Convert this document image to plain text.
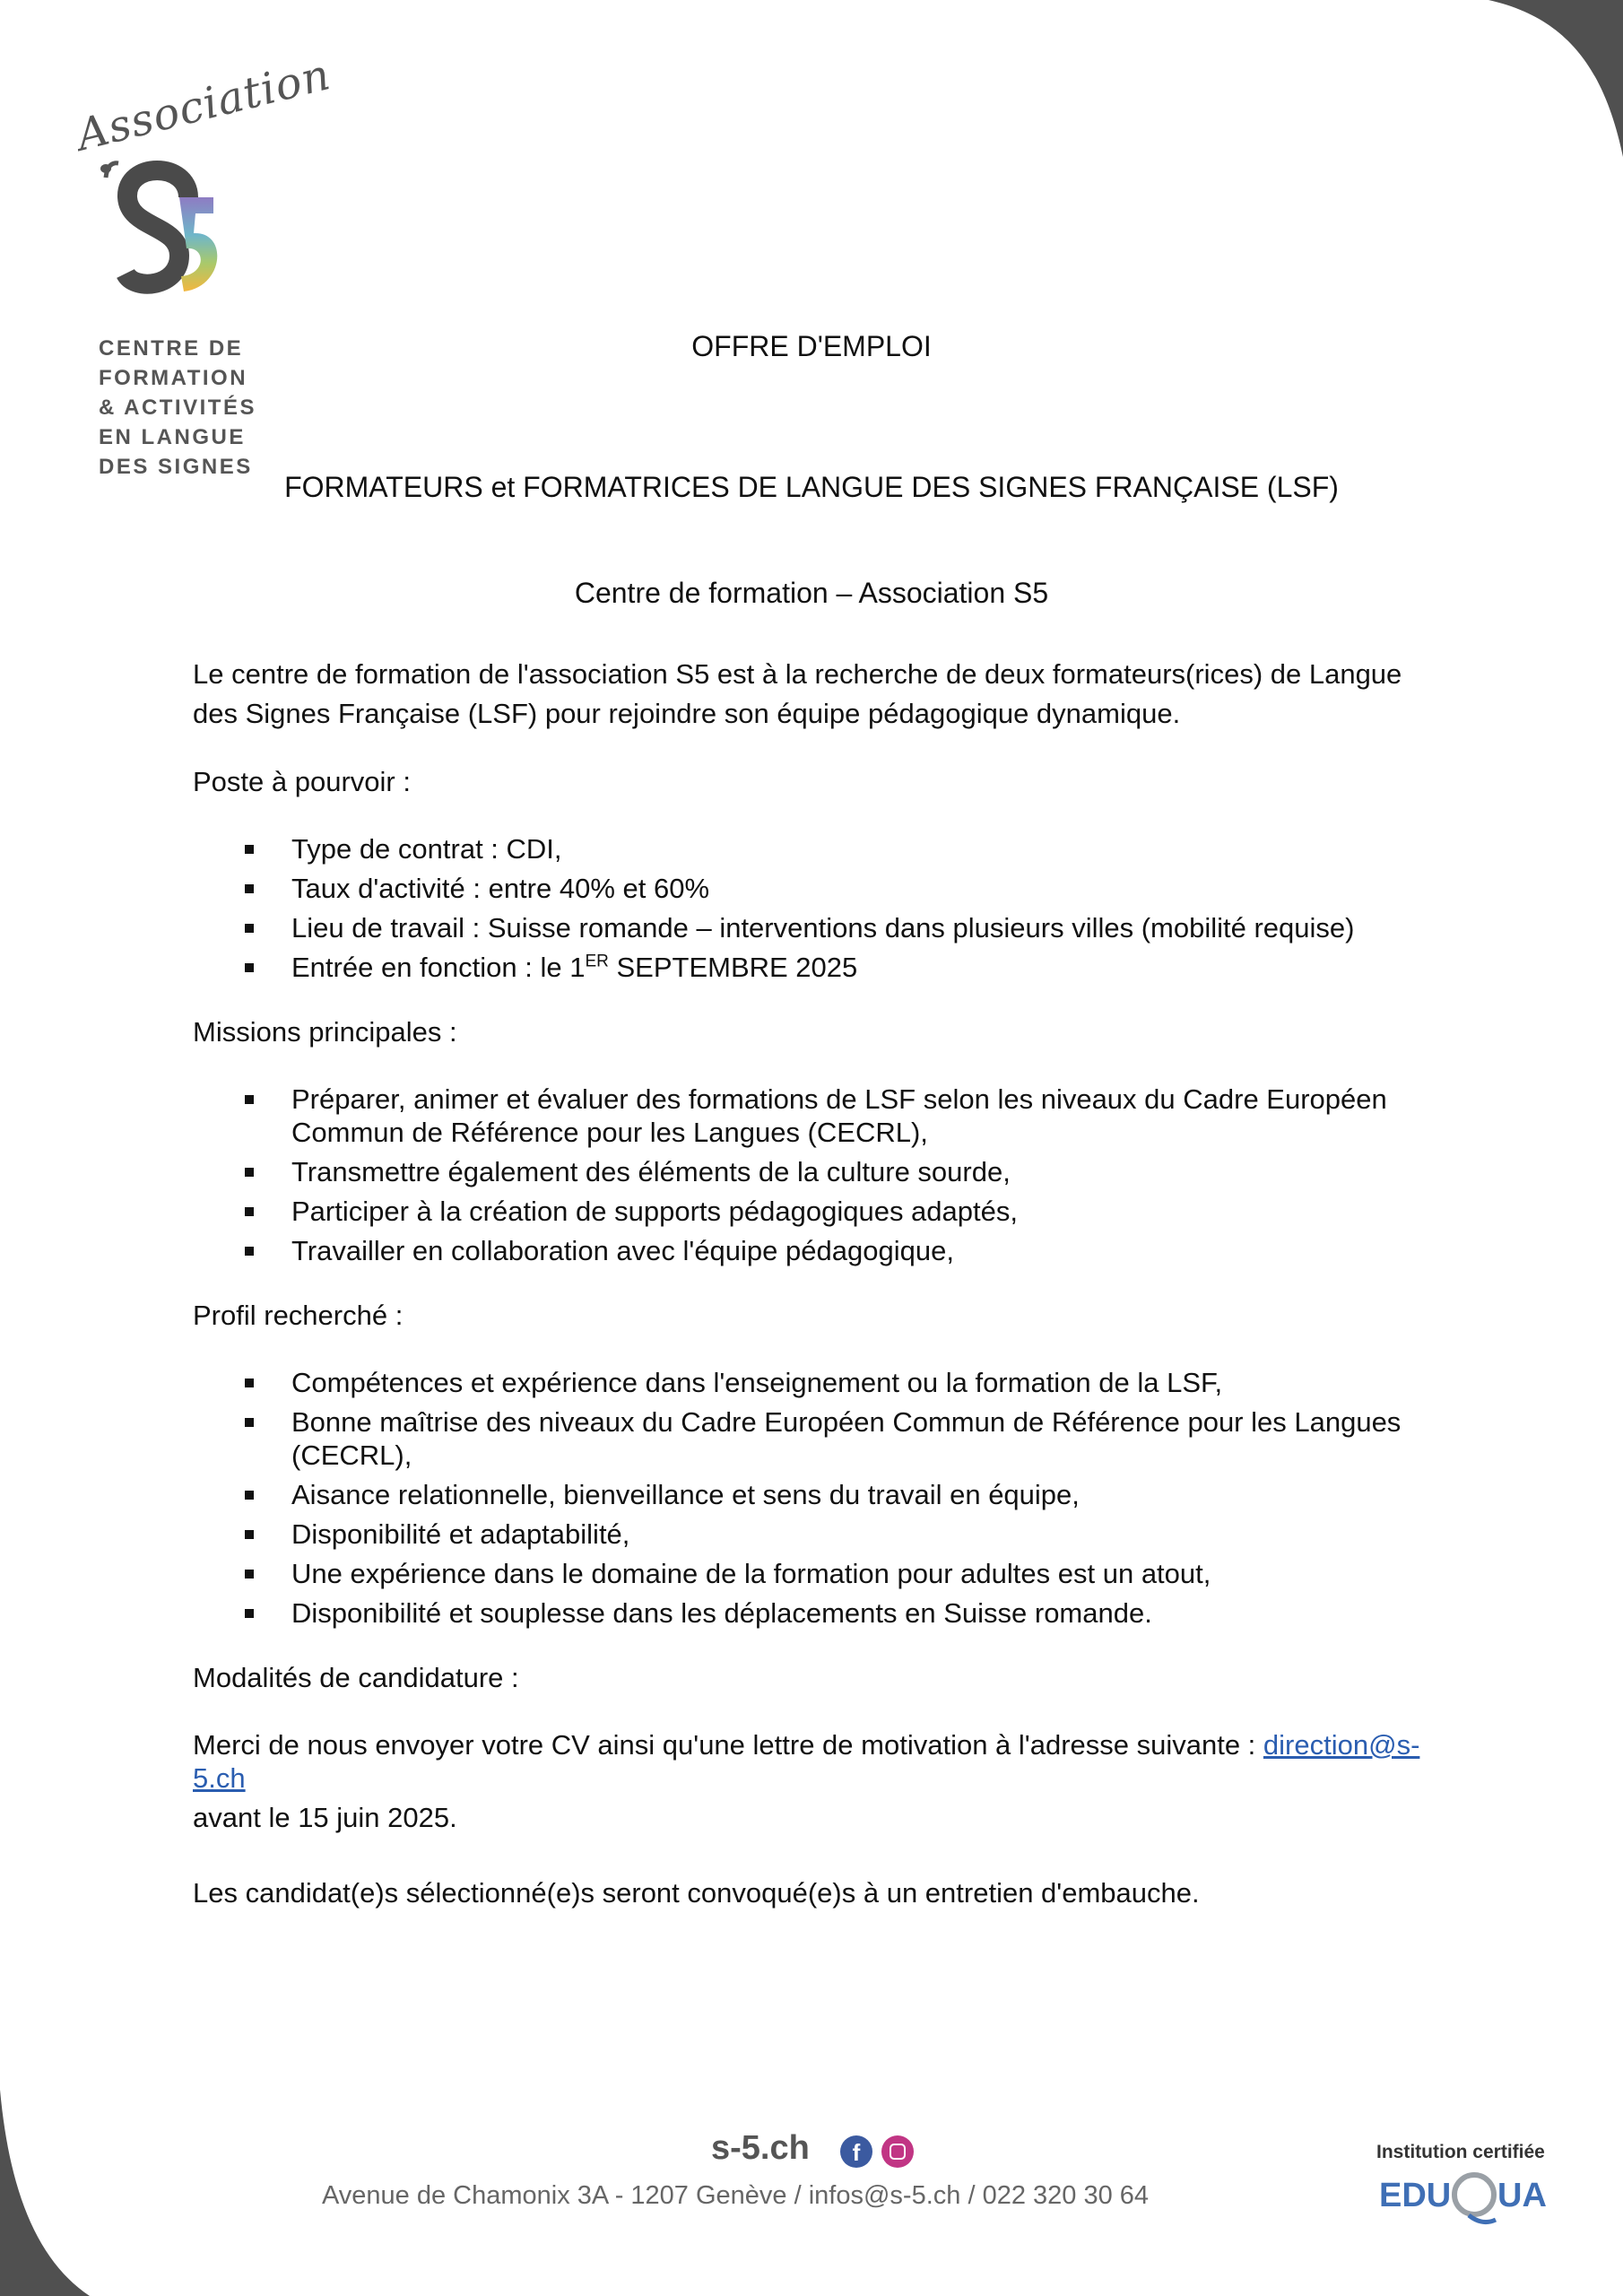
Association
CENTRE DE
FORMATION
& ACTIVITÉS
EN LANGUE
DES SIGNES
OFFRE D'EMPLOI
FORMATEURS et FORMATRICES DE LANGUE DES SIGNES FRANÇAISE (LSF)
Centre de formation – Association S5

Le centre de formation de l'association S5 est à la recherche de deux formateurs(rices) de Langue des Signes Française (LSF) pour rejoindre son équipe pédagogique dynamique.

Poste à pourvoir :

Type de contrat : CDI,
Taux d'activité : entre 40% et 60%
Lieu de travail : Suisse romande – interventions dans plusieurs villes (mobilité requise)
Entrée en fonction : le 1ER SEPTEMBRE 2025

Missions principales :

Préparer, animer et évaluer des formations de LSF selon les niveaux du Cadre Européen Commun de Référence pour les Langues (CECRL),
Transmettre également des éléments de la culture sourde,
Participer à la création de supports pédagogiques adaptés,
Travailler en collaboration avec l'équipe pédagogique,

Profil recherché :

Compétences et expérience dans l'enseignement ou la formation de la LSF,
Bonne maîtrise des niveaux du Cadre Européen Commun de Référence pour les Langues (CECRL),
Aisance relationnelle, bienveillance et sens du travail en équipe,
Disponibilité et adaptabilité,
Une expérience dans le domaine de la formation pour adultes est un atout,
Disponibilité et souplesse dans les déplacements en Suisse romande.

Modalités de candidature :

Merci de nous envoyer votre CV ainsi qu'une lettre de motivation à l'adresse suivante : direction@s-5.ch

avant le 15 juin 2025.

Les candidat(e)s sélectionné(e)s seront convoqué(e)s à un entretien d'embauche.

s-5.ch	f
Avenue de Chamonix 3A - 1207 Genève / infos@s-5.ch / 022 320 30 64
Institution certifiée
EDU UA
